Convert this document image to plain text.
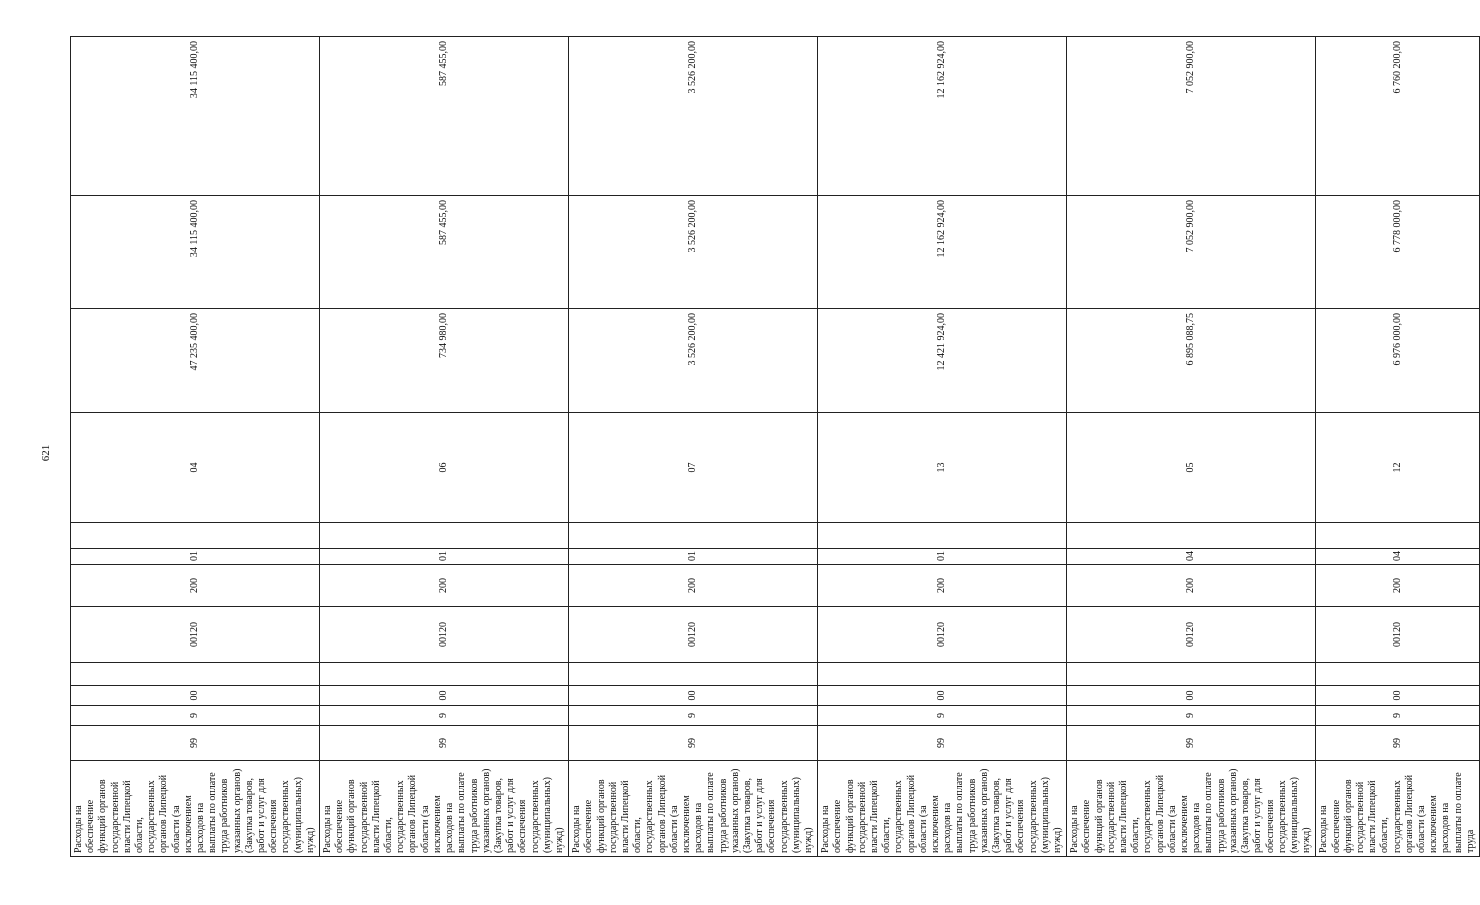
621
Расходы на обеспечение функций органов государственной власти Липецкой области, государственных органов Липецкой области (за исключением расходов на выплаты по оплате труда работников указанных органов) (Закупка товаров, работ и услуг для обеспечения государственных (муниципальных) нужд)	99	9	00		00120	200	01		04	47 235 400,00	34 115 400,00	34 115 400,00
Расходы на обеспечение функций органов государственной власти Липецкой области, государственных органов Липецкой области (за исключением расходов на выплаты по оплате труда работников указанных органов) (Закупка товаров, работ и услуг для обеспечения государственных (муниципальных) нужд)	99	9	00		00120	200	01		06	734 980,00	587 455,00	587 455,00
Расходы на обеспечение функций органов государственной власти Липецкой области, государственных органов Липецкой области (за исключением расходов на выплаты по оплате труда работников указанных органов) (Закупка товаров, работ и услуг для обеспечения государственных (муниципальных) нужд)	99	9	00		00120	200	01		07	3 526 200,00	3 526 200,00	3 526 200,00
Расходы на обеспечение функций органов государственной власти Липецкой области, государственных органов Липецкой области (за исключением расходов на выплаты по оплате труда работников указанных органов) (Закупка товаров, работ и услуг для обеспечения государственных (муниципальных) нужд)	99	9	00		00120	200	01		13	12 421 924,00	12 162 924,00	12 162 924,00
Расходы на обеспечение функций органов государственной власти Липецкой области, государственных органов Липецкой области (за исключением расходов на выплаты по оплате труда работников указанных органов) (Закупка товаров, работ и услуг для обеспечения государственных (муниципальных) нужд)	99	9	00		00120	200	04		05	6 895 088,75	7 052 900,00	7 052 900,00
Расходы на обеспечение функций органов государственной власти Липецкой области, государственных органов Липецкой области (за исключением расходов на выплаты по оплате труда	99	9	00		00120	200	04		12	6 976 000,00	6 778 000,00	6 760 200,00
